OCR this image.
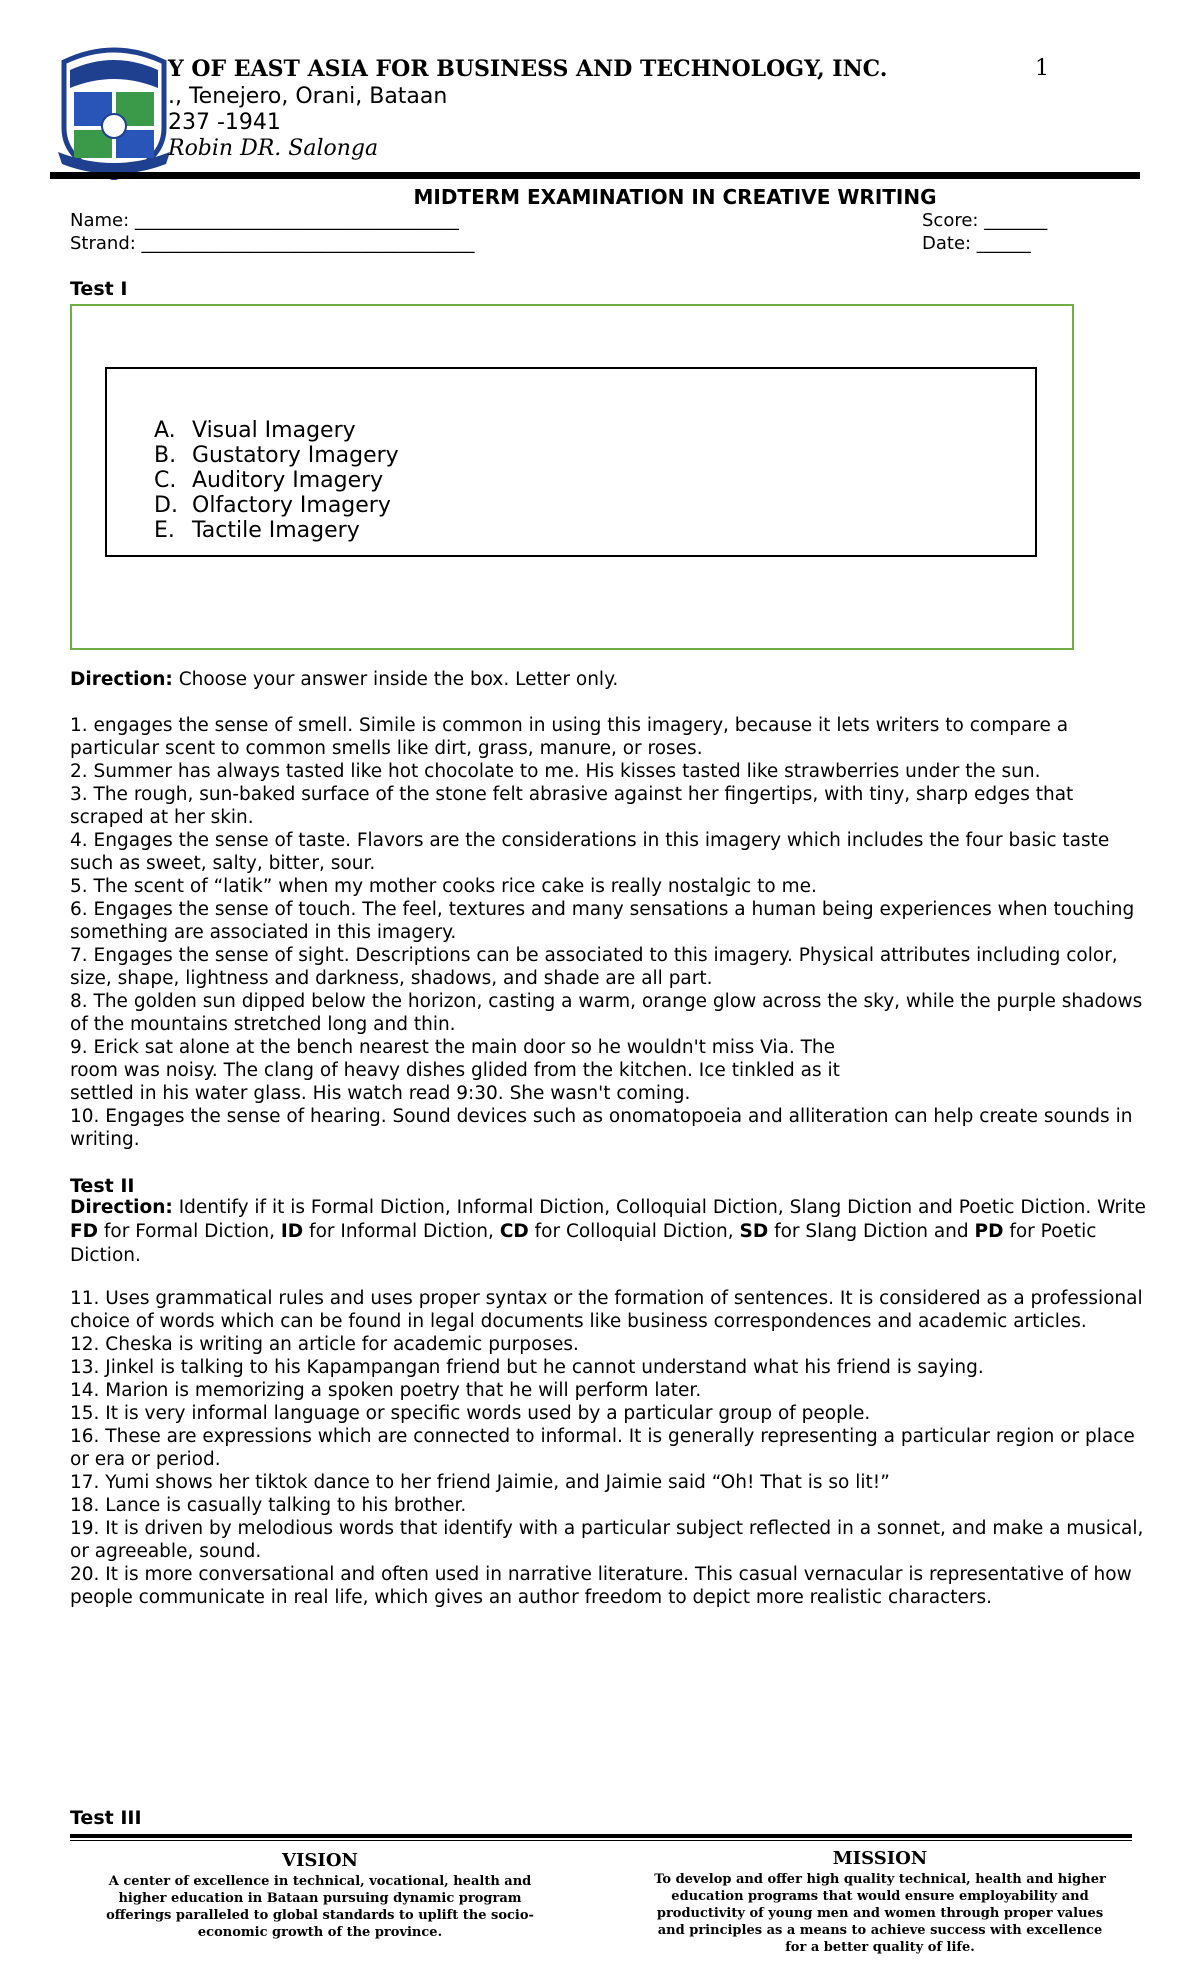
Y OF EAST ASIA FOR BUSINESS AND TECHNOLOGY, INC.	1
., Tenejero, Orani, Bataan
237 -1941
Robin DR. Salonga
MIDTERM EXAMINATION IN CREATIVE WRITING
Name: ____________________________________	Score: _______
Strand: _____________________________________	Date: ______
Test I
A. Visual Imagery
B. Gustatory Imagery
C. Auditory Imagery
D. Olfactory Imagery
E. Tactile Imagery
Direction: Choose your answer inside the box. Letter only.

1. engages the sense of smell. Simile is common in using this imagery, because it lets writers to compare a particular scent to common smells like dirt, grass, manure, or roses.

2. Summer has always tasted like hot chocolate to me. His kisses tasted like strawberries under the sun.

3. The rough, sun-baked surface of the stone felt abrasive against her fingertips, with tiny, sharp edges that scraped at her skin.

4. Engages the sense of taste. Flavors are the considerations in this imagery which includes the four basic taste such as sweet, salty, bitter, sour.

5. The scent of “latik” when my mother cooks rice cake is really nostalgic to me.

6. Engages the sense of touch. The feel, textures and many sensations a human being experiences when touching something are associated in this imagery.

7. Engages the sense of sight. Descriptions can be associated to this imagery. Physical attributes including color, size, shape, lightness and darkness, shadows, and shade are all part.

8. The golden sun dipped below the horizon, casting a warm, orange glow across the sky, while the purple shadows of the mountains stretched long and thin.

9. Erick sat alone at the bench nearest the main door so he wouldn't miss Via. The

room was noisy. The clang of heavy dishes glided from the kitchen. Ice tinkled as it

settled in his water glass. His watch read 9:30. She wasn't coming.

10. Engages the sense of hearing. Sound devices such as onomatopoeia and alliteration can help create sounds in writing.

Test II
Direction: Identify if it is Formal Diction, Informal Diction, Colloquial Diction, Slang Diction and Poetic Diction. Write FD for Formal Diction, ID for Informal Diction, CD for Colloquial Diction, SD for Slang Diction and PD for Poetic Diction.

11. Uses grammatical rules and uses proper syntax or the formation of sentences. It is considered as a professional choice of words which can be found in legal documents like business correspondences and academic articles.

12. Cheska is writing an article for academic purposes.

13. Jinkel is talking to his Kapampangan friend but he cannot understand what his friend is saying.

14. Marion is memorizing a spoken poetry that he will perform later.

15. It is very informal language or specific words used by a particular group of people.

16. These are expressions which are connected to informal. It is generally representing a particular region or place or era or period.

17. Yumi shows her tiktok dance to her friend Jaimie, and Jaimie said “Oh! That is so lit!”

18. Lance is casually talking to his brother.

19. It is driven by melodious words that identify with a particular subject reflected in a sonnet, and make a musical, or agreeable, sound.

20. It is more conversational and often used in narrative literature. This casual vernacular is representative of how people communicate in real life, which gives an author freedom to depict more realistic characters.

Test III
VISION
A center of excellence in technical, vocational, health and higher education in Bataan pursuing dynamic program offerings paralleled to global standards to uplift the socio-economic growth of the province.
MISSION
To develop and offer high quality technical, health and higher education programs that would ensure employability and productivity of young men and women through proper values and principles as a means to achieve success with excellence for a better quality of life.
